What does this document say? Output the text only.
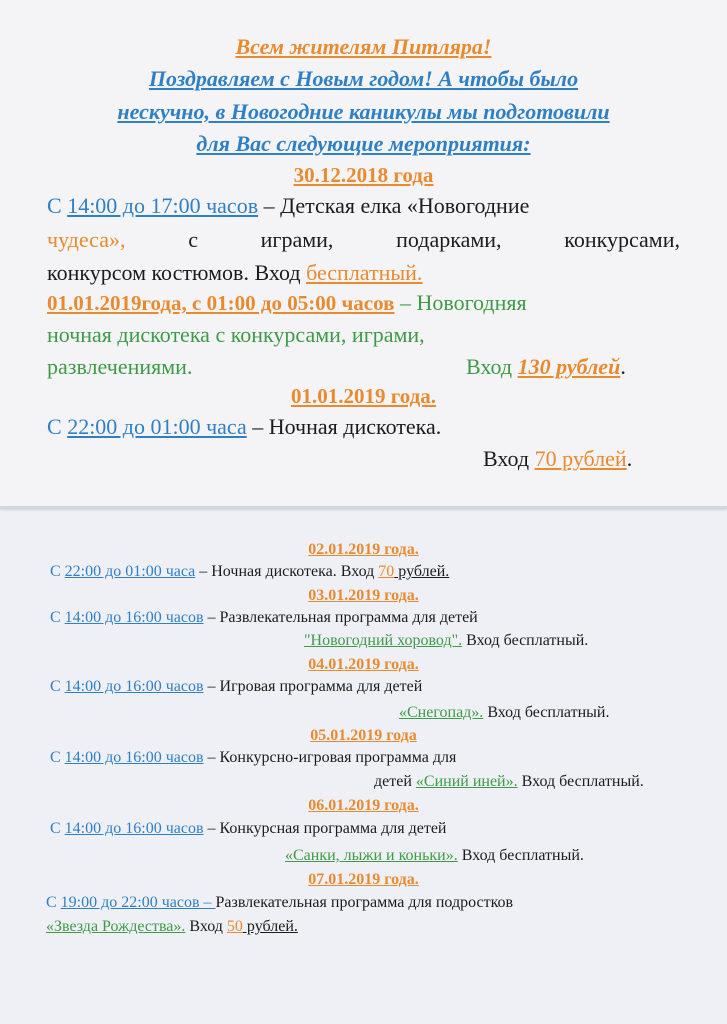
Всем жителям Питляра!
Поздравляем с Новым годом! А чтобы было
нескучно, в Новогодние каникулы мы подготовили
для Вас следующие мероприятия:
30.12.2018 года
С 14:00 до 17:00 часов – Детская елка «Новогодние
чудеса»,	с	играми,	подарками,	конкурсами,
конкурсом костюмов. Вход бесплатный.
01.01.2019года, с 01:00 до 05:00 часов – Новогодняя
ночная дискотека с конкурсами, играми,
развлечениями.	Вход 130 рублей.
01.01.2019 года.
С 22:00 до 01:00 часа – Ночная дискотека.
Вход 70 рублей.
02.01.2019 года.
С 22:00 до 01:00 часа – Ночная дискотека. Вход 70 рублей.
03.01.2019 года.
С 14:00 до 16:00 часов – Развлекательная программа для детей
"Новогодний хоровод". Вход бесплатный.
04.01.2019 года.
С 14:00 до 16:00 часов – Игровая программа для детей
«Снегопад». Вход бесплатный.
05.01.2019 года
С 14:00 до 16:00 часов – Конкурсно-игровая программа для
детей «Синий иней». Вход бесплатный.
06.01.2019 года.
С 14:00 до 16:00 часов – Конкурсная программа для детей
«Санки, лыжи и коньки». Вход бесплатный.
07.01.2019 года.
С 19:00 до 22:00 часов – Развлекательная программа для подростков
«Звезда Рождества». Вход 50 рублей.
